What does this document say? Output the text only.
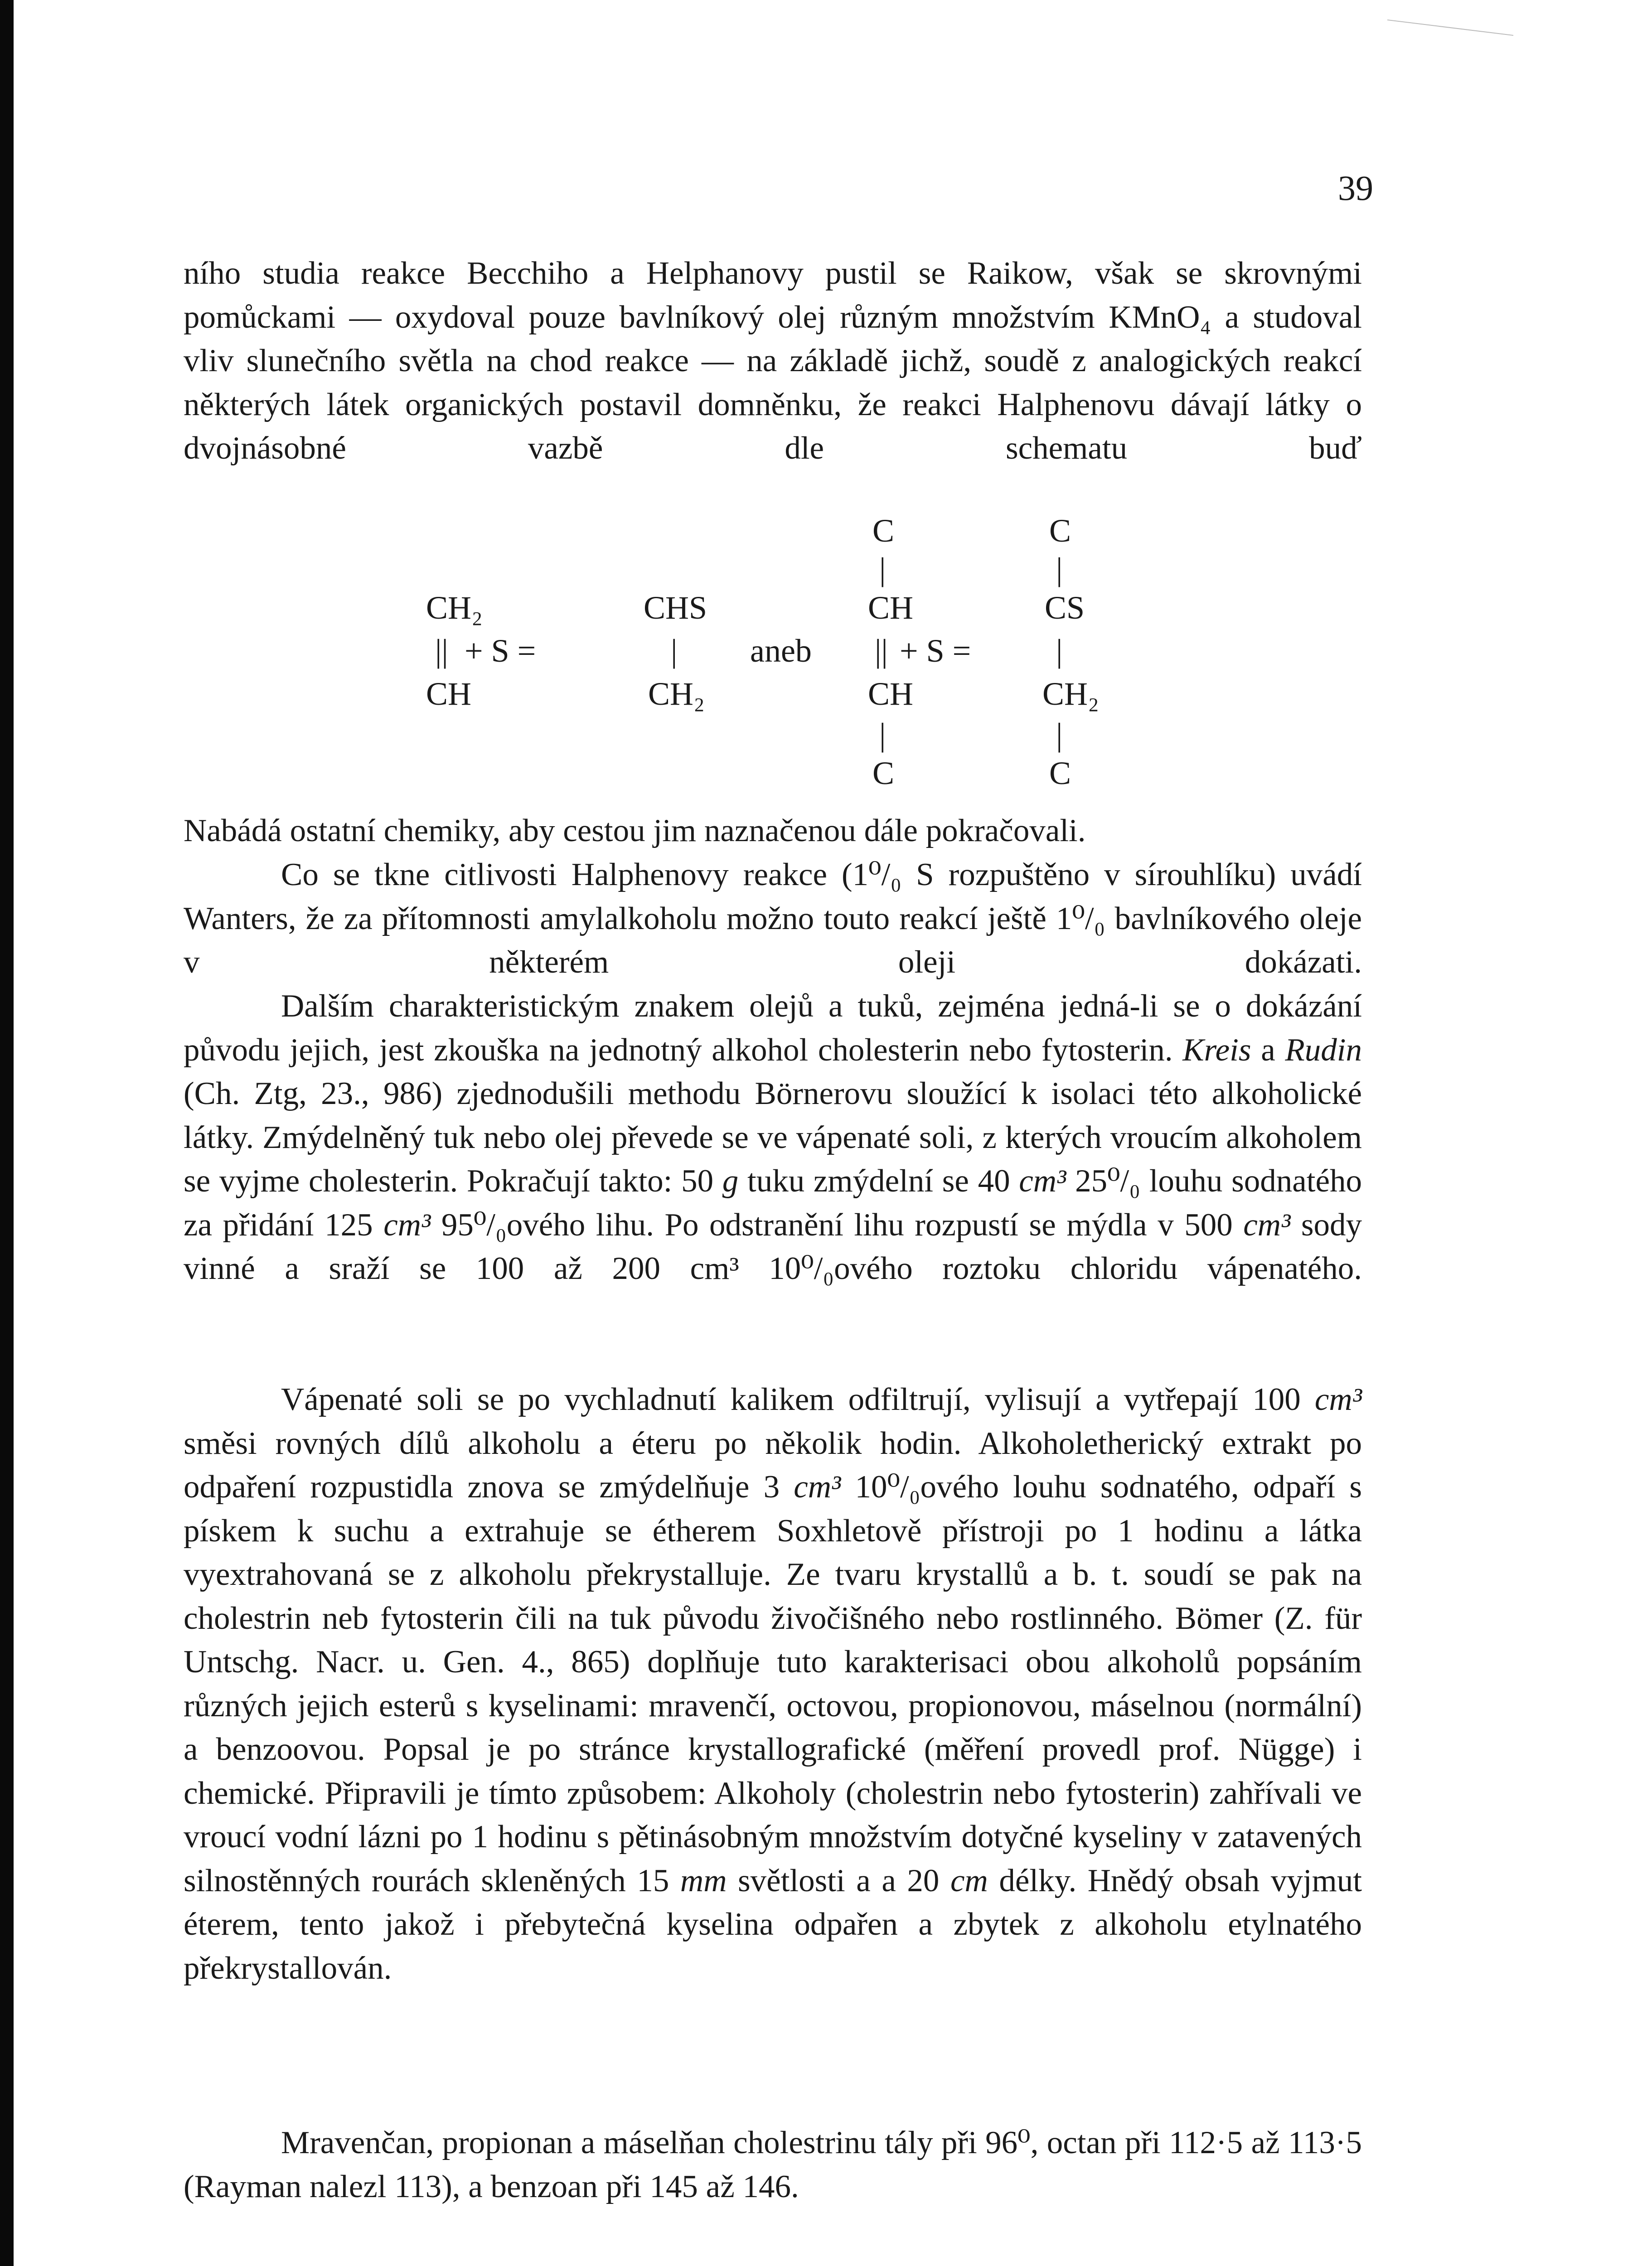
39

ního studia reakce Becchiho a Helphanovy pustil se Raikow, však se skrovnými pomůckami — oxydoval pouze bavlníkový olej různým množstvím KMnO₄ a studoval vliv slunečního světla na chod reakce — na základě jichž, soudě z analogických reakcí některých látek organických postavil domněnku, že reakci Halphenovu dávají látky o dvojnásobné vazbě dle schematu buď

CH₂
||
CH
+ S =
CHS
|
CH₂
aneb
C
|
CH
||
CH
|
C
+ S =
C
|
CS
|
CH₂
|
C

Nabádá ostatní chemiky, aby cestou jim naznačenou dále pokračovali.

Co se tkne citlivosti Halphenovy reakce (1⁰/₀ S rozpuštěno v sírouhlíku) uvádí Wanters, že za přítomnosti amylalkoholu možno touto reakcí ještě 1⁰/₀ bavlníkového oleje v některém oleji dokázati.

Dalším charakteristickým znakem olejů a tuků, zejména jedná-li se o dokázání původu jejich, jest zkouška na jednotný alkohol cholesterin nebo fytosterin. Kreis a Rudin (Ch. Ztg, 23., 986) zjednodušili methodu Börnerovu sloužící k isolaci této alkoholické látky. Zmýdelněný tuk nebo olej převede se ve vápenaté soli, z kterých vroucím alkoholem se vyjme cholesterin. Pokračují takto: 50 g tuku zmýdelní se 40 cm³ 25⁰/₀ louhu sodnatého za přidání 125 cm³ 95⁰/₀ového lihu. Po odstranění lihu rozpustí se mýdla v 500 cm³ sody vinné a sraží se 100 až 200 cm³ 10⁰/₀ového roztoku chloridu vápenatého.

Vápenaté soli se po vychladnutí kalikem odfiltrují, vylisují a vytřepají 100 cm³ směsi rovných dílů alkoholu a éteru po několik hodin. Alkoholetherický extrakt po odpaření rozpustidla znova se zmýdelňuje 3 cm³ 10⁰/₀ového louhu sodnatého, odpaří s pískem k suchu a extrahuje se étherem Soxhletově přístroji po 1 hodinu a látka vyextrahovaná se z alkoholu překrystalluje. Ze tvaru krystallů a b. t. soudí se pak na cholestrin neb fytosterin čili na tuk původu živočišného nebo rostlinného. Bömer (Z. für Untschg. Nacr. u. Gen. 4., 865) doplňuje tuto karakterisaci obou alkoholů popsáním různých jejich esterů s kyselinami: mravenčí, octovou, propionovou, máselnou (normální) a benzoovou. Popsal je po stránce krystallografické (měření provedl prof. Nügge) i chemické. Připravili je tímto způsobem: Alkoholy (cholestrin nebo fytosterin) zahřívali ve vroucí vodní lázni po 1 hodinu s pětinásobným množstvím dotyčné kyseliny v zatavených silnostěnných rourách skleněných 15 mm světlosti a a 20 cm délky. Hnědý obsah vyjmut éterem, tento jakož i přebytečná kyselina odpařen a zbytek z alkoholu etylnatého překrystallován.

Mravenčan, propionan a máselňan cholestrinu tály při 96⁰, octan při 112·5 až 113·5 (Rayman nalezl 113), a benzoan při 145 až 146.
